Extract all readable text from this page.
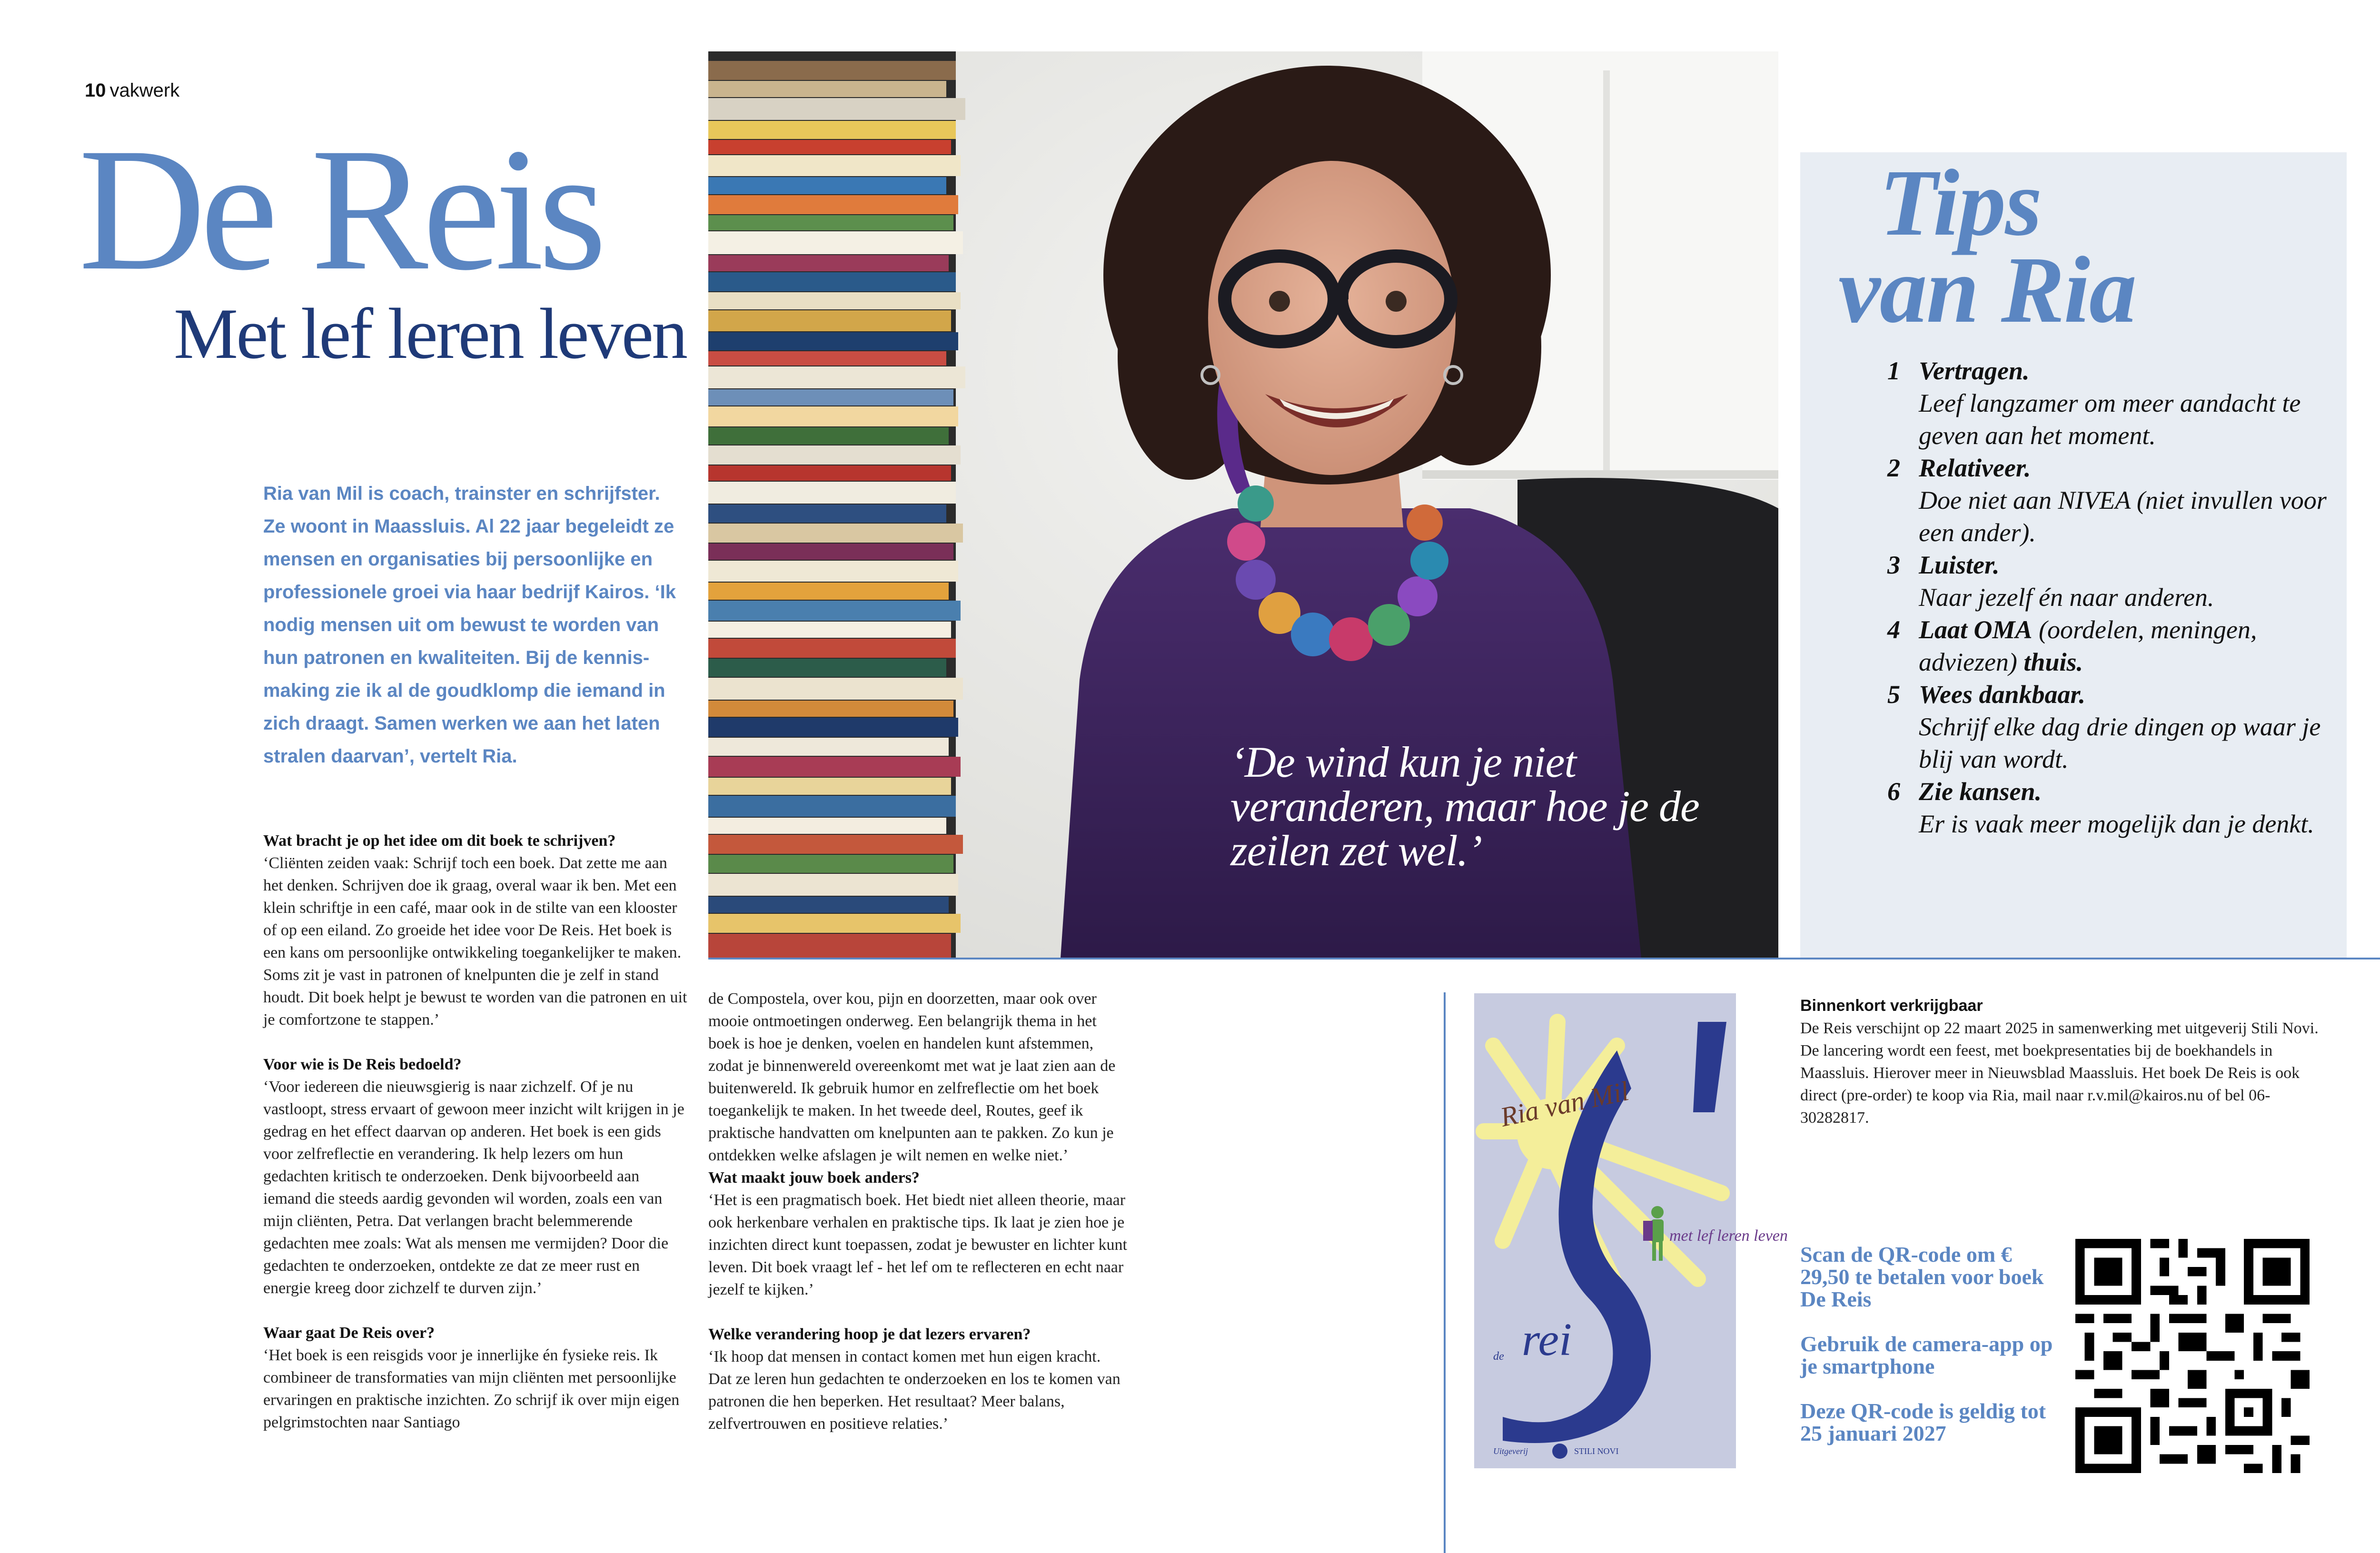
10 vakwerk
De Reis
Met lef leren leven

Ria van Mil is coach, trainster en schrijfster. Ze woont in Maassluis. Al 22 jaar begeleidt ze mensen en organisaties bij persoonlijke en professionele groei via haar bedrijf Kairos. ‘Ik nodig mensen uit om bewust te worden van hun patronen en kwaliteiten. Bij de kennis-making zie ik al de goudklomp die iemand in zich draagt. Samen werken we aan het laten stralen daarvan’, vertelt Ria.

Wat bracht je op het idee om dit boek te schrijven?

‘Cliënten zeiden vaak: Schrijf toch een boek. Dat zette me aan het denken. Schrijven doe ik graag, overal waar ik ben. Met een klein schriftje in een café, maar ook in de stilte van een klooster of op een eiland. Zo groeide het idee voor De Reis. Het boek is een kans om persoonlijke ontwikkeling toegankelijker te maken. Soms zit je vast in patronen of knelpunten die je zelf in stand houdt. Dit boek helpt je bewust te worden van die patronen en uit je comfortzone te stappen.’

Voor wie is De Reis bedoeld?

‘Voor iedereen die nieuwsgierig is naar zichzelf. Of je nu vastloopt, stress ervaart of gewoon meer inzicht wilt krijgen in je gedrag en het effect daarvan op anderen. Het boek is een gids voor zelfreflectie en verandering. Ik help lezers om hun gedachten kritisch te onderzoeken. Denk bijvoorbeeld aan iemand die steeds aardig gevonden wil worden, zoals een van mijn cliënten, Petra. Dat verlangen bracht belemmerende gedachten mee zoals: Wat als mensen me vermijden? Door die gedachten te onderzoeken, ontdekte ze dat ze meer rust en energie kreeg door zichzelf te durven zijn.’

Waar gaat De Reis over?

‘Het boek is een reisgids voor je innerlijke én fysieke reis. Ik combineer de transformaties van mijn cliënten met persoonlijke ervaringen en praktische inzichten. Zo schrijf ik over mijn eigen pelgrimstochten naar Santiago

de Compostela, over kou, pijn en doorzetten, maar ook over mooie ontmoetingen onderweg. Een belangrijk thema in het boek is hoe je denken, voelen en handelen kunt afstemmen, zodat je binnenwereld overeenkomt met wat je laat zien aan de buitenwereld. Ik gebruik humor en zelfreflectie om het boek toegankelijk te maken. In het tweede deel, Routes, geef ik praktische handvatten om knelpunten aan te pakken. Zo kun je ontdekken welke afslagen je wilt nemen en welke niet.’

Wat maakt jouw boek anders?

‘Het is een pragmatisch boek. Het biedt niet alleen theorie, maar ook herkenbare verhalen en praktische tips. Ik laat je zien hoe je inzichten direct kunt toepassen, zodat je bewuster en lichter kunt leven. Dit boek vraagt lef - het lef om te reflecteren en echt naar jezelf te kijken.’

Welke verandering hoop je dat lezers ervaren?

‘Ik hoop dat mensen in contact komen met hun eigen kracht. Dat ze leren hun gedachten te onderzoeken en los te komen van patronen die hen beperken. Het resultaat? Meer balans, zelfvertrouwen en positieve relaties.’

‘De wind kun je niet veranderen, maar hoe je de zeilen zet wel.’
Tips
van Ria
1 Vertragen.
Leef langzamer om meer aandacht te geven aan het moment.
2 Relativeer.
Doe niet aan NIVEA (niet invullen voor een ander).
3 Luister.
Naar jezelf én naar anderen.
4 Laat OMA (oordelen, meningen, adviezen) thuis.
5 Wees dankbaar.
Schrijf elke dag drie dingen op waar je blij van wordt.
6 Zie kansen.
Er is vaak meer mogelijk dan je denkt.
Ria van Mil
de rei
met lef leren leven
Uitgeverij	STILI NOVI

Binnenkort verkrijgbaar

De Reis verschijnt op 22 maart 2025 in samenwerking met uitgeverij Stili Novi. De lancering wordt een feest, met boekpresentaties bij de boekhandels in Maassluis. Hierover meer in Nieuwsblad Maassluis. Het boek De Reis is ook direct (pre-order) te koop via Ria, mail naar r.v.mil@kairos.nu of bel 06-30282817.

Scan de QR-code om € 29,50 te betalen voor boek De Reis

Gebruik de camera-app op je smartphone

Deze QR-code is geldig tot 25 januari 2027
